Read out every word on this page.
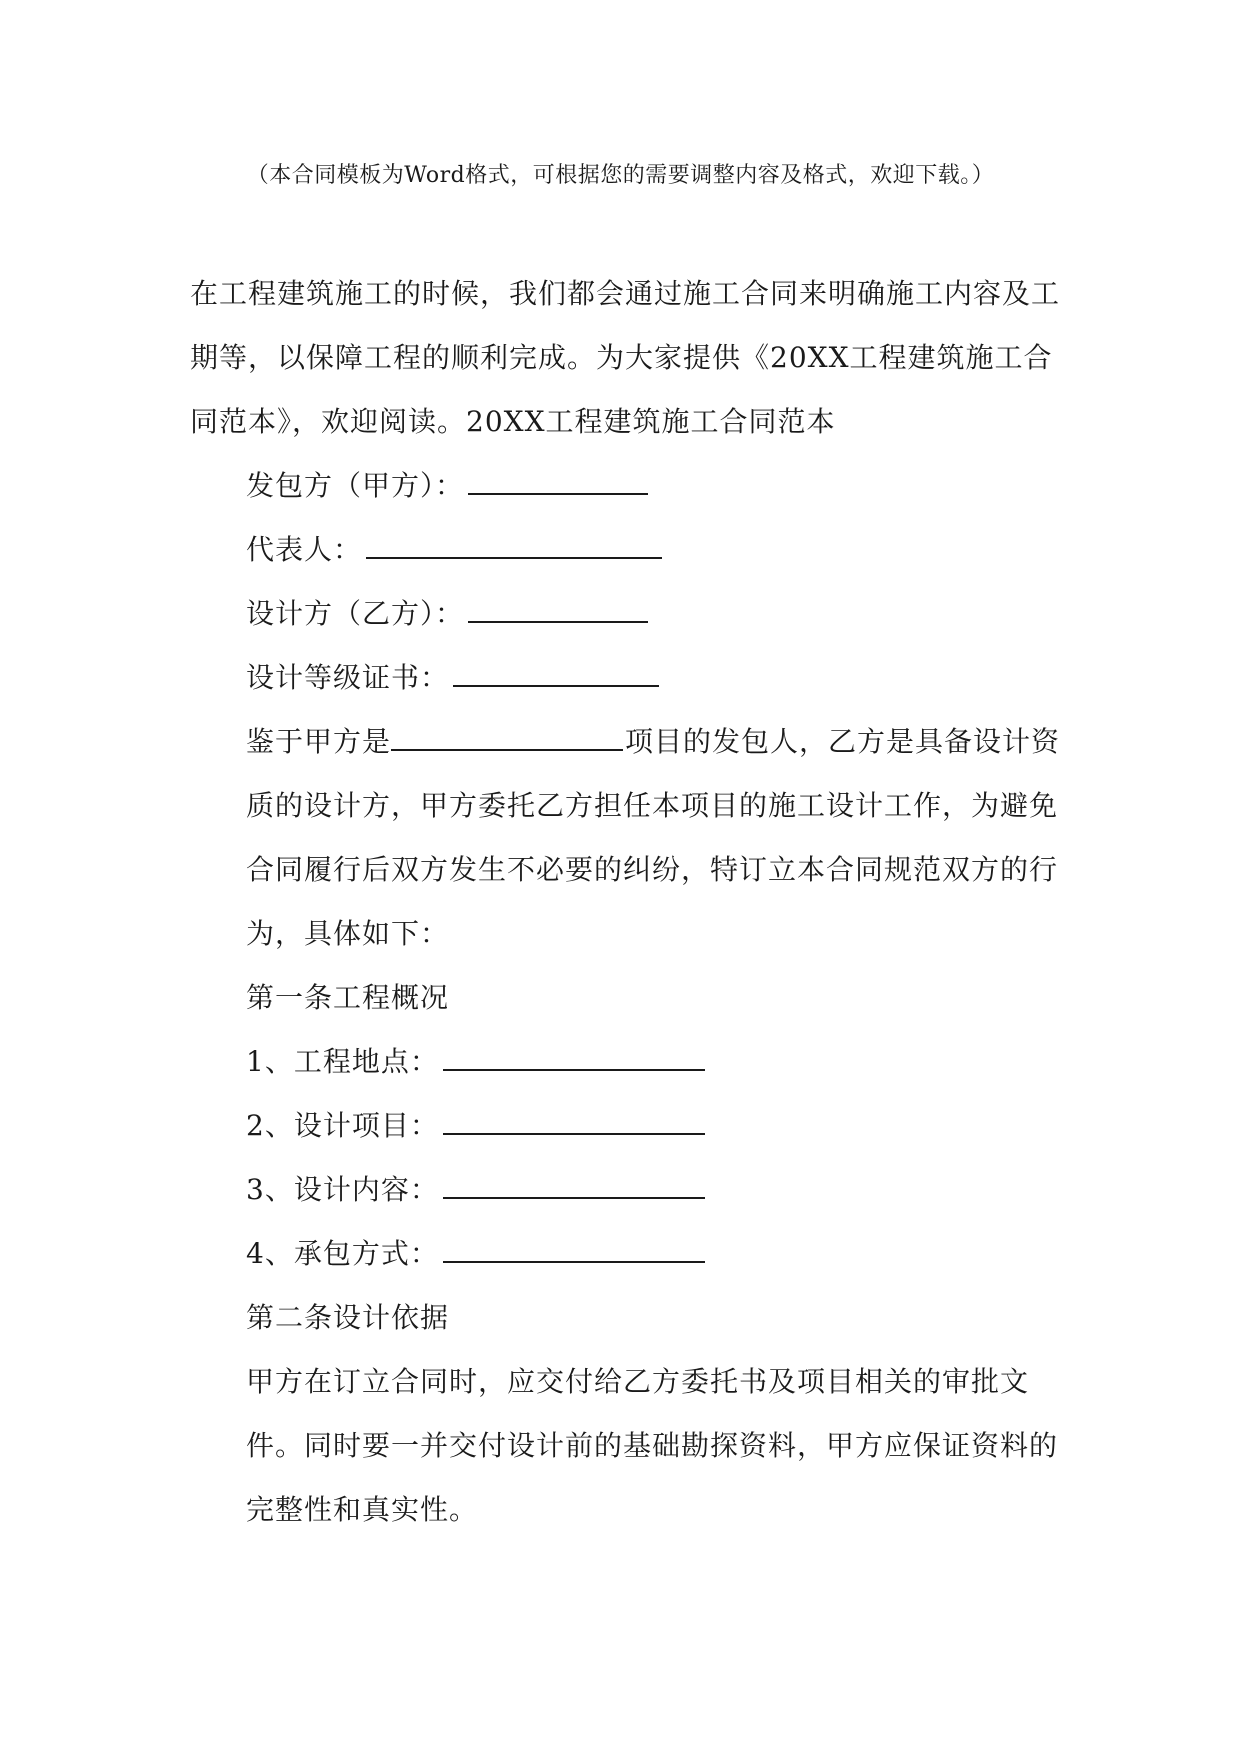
（本合同模板为Word格式，可根据您的需要调整内容及格式，欢迎下载。）

在工程建筑施工的时候，我们都会通过施工合同来明确施工内容及工期等，以保障工程的顺利完成。为大家提供《20XX工程建筑施工合同范本》，欢迎阅读。20XX工程建筑施工合同范本

发包方（甲方）：

代表人：

设计方（乙方）：

设计等级证书：

鉴于甲方是	项目的发包人，乙方是具备设计资质的设计方，甲方委托乙方担任本项目的施工设计工作，为避免合同履行后双方发生不必要的纠纷，特订立本合同规范双方的行为，具体如下：

第一条工程概况

1、工程地点：

2、设计项目：

3、设计内容：

4、承包方式：

第二条设计依据

甲方在订立合同时，应交付给乙方委托书及项目相关的审批文件。同时要一并交付设计前的基础勘探资料，甲方应保证资料的完整性和真实性。
